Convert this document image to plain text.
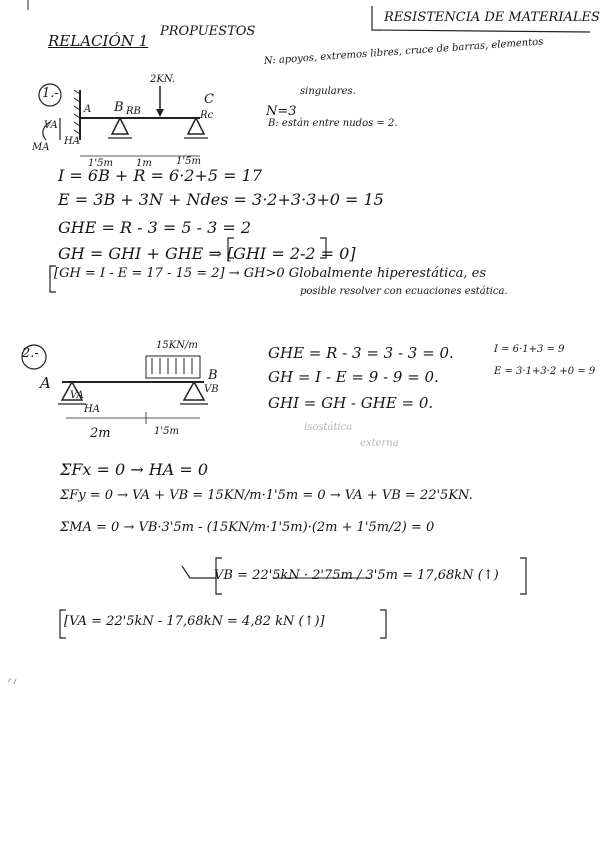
RELACIÓN 1
PROPUESTOS
RESISTENCIA DE MATERIALES
1.-
2KN.
A B RB
C
Rc
MA
VA
HA
1'5m 1m 1'5m
N: apoyos, extremos libres, cruce de barras, elementos
singulares.
N=3
B: están entre nudos = 2.
I = 6B + R = 6·2+5 = 17
E = 3B + 3N + Ndes = 3·2+3·3+0 = 15
GHE = R - 3 = 5 - 3 = 2
GH = GHI + GHE ⇒ [GHI = 2-2 = 0]
[GH = I - E = 17 - 15 = 2] → GH>0 Globalmente hiperestática, es
posible resolver con ecuaciones estática.
2.-
15KN/m
A	B
HA
VA
VB
2m	1'5m
GHE = R - 3 = 3 - 3 = 0.
GH = I - E = 9 - 9 = 0.
GHI = GH - GHE = 0.
I = 6·1+3 = 9
E = 3·1+3·2 +0 = 9
isostática
externa
ΣFx = 0 → HA = 0
ΣFy = 0 → VA + VB = 15KN/m·1'5m = 0 → VA + VB = 22'5KN.
ΣMA = 0 → VB·3'5m - (15KN/m·1'5m)·(2m + 1'5m/2) = 0
VB = 22'5kN · 2'75m / 3'5m = 17,68kN (↑)
[VA = 22'5kN - 17,68kN = 4,82 kN (↑)]
